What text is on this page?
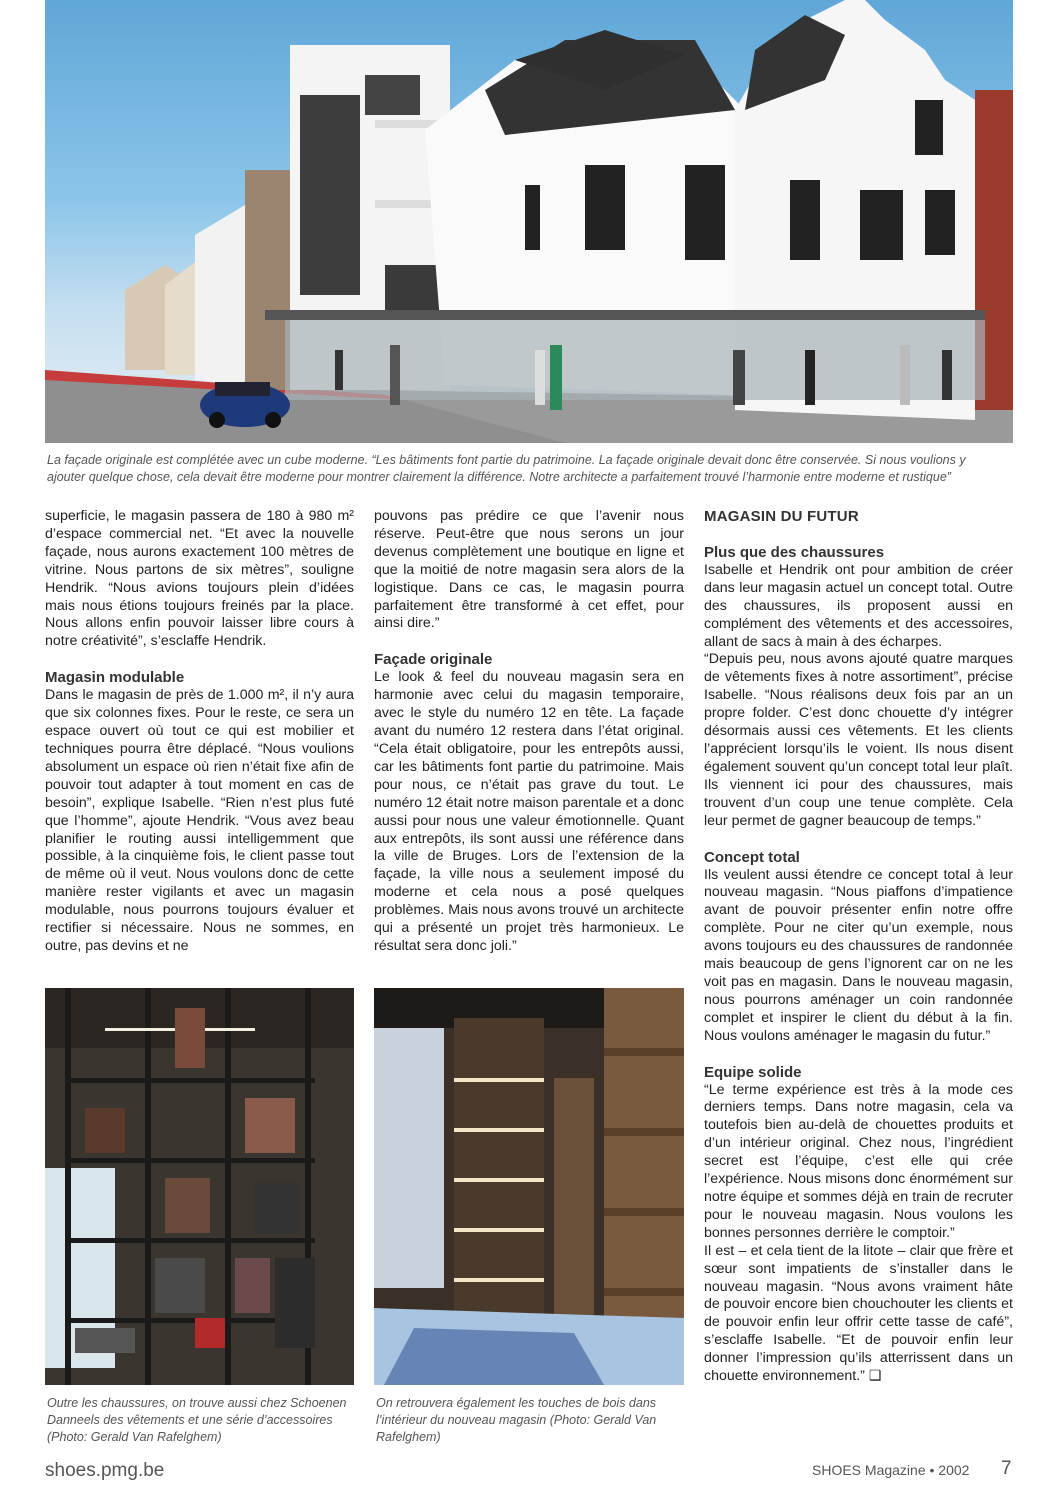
La façade originale est complétée avec un cube moderne. “Les bâtiments font partie du patrimoine. La façade originale devait donc être conservée. Si nous voulions y ajouter quelque chose, cela devait être moderne pour montrer clairement la différence. Notre architecte a parfaitement trouvé l’harmonie entre moderne et rustique”

superficie, le magasin passera de 180 à 980 m² d’espace commercial net. “Et avec la nouvelle façade, nous aurons exactement 100 mètres de vitrine. Nous partons de six mètres”, souligne Hendrik. “Nous avions toujours plein d’idées mais nous étions toujours freinés par la place. Nous allons enfin pouvoir laisser libre cours à notre créativité”, s’esclaffe Hendrik.

Magasin modulable

Dans le magasin de près de 1.000 m², il n’y aura que six colonnes fixes. Pour le reste, ce sera un espace ouvert où tout ce qui est mobilier et techniques pourra être déplacé. “Nous voulions absolument un espace où rien n’était fixe afin de pouvoir tout adapter à tout moment en cas de besoin”, explique Isabelle. “Rien n’est plus futé que l’homme”, ajoute Hendrik. “Vous avez beau planifier le routing aussi intelligemment que possible, à la cinquième fois, le client passe tout de même où il veut. Nous voulons donc de cette manière rester vigilants et avec un magasin modulable, nous pourrons toujours évaluer et rectifier si nécessaire. Nous ne sommes, en outre, pas devins et ne

pouvons pas prédire ce que l’avenir nous réserve. Peut-être que nous serons un jour devenus complètement une boutique en ligne et que la moitié de notre magasin sera alors de la logistique. Dans ce cas, le magasin pourra parfaitement être transformé à cet effet, pour ainsi dire.”

Façade originale

Le look & feel du nouveau magasin sera en harmonie avec celui du magasin temporaire, avec le style du numéro 12 en tête. La façade avant du numéro 12 restera dans l’état original. “Cela était obligatoire, pour les entrepôts aussi, car les bâtiments font partie du patrimoine. Mais pour nous, ce n’était pas grave du tout. Le numéro 12 était notre maison parentale et a donc aussi pour nous une valeur émotionnelle. Quant aux entrepôts, ils sont aussi une référence dans la ville de Bruges. Lors de l’extension de la façade, la ville nous a seulement imposé du moderne et cela nous a posé quelques problèmes. Mais nous avons trouvé un architecte qui a présenté un projet très harmonieux. Le résultat sera donc joli.”

MAGASIN DU FUTUR
Plus que des chaussures

Isabelle et Hendrik ont pour ambition de créer dans leur magasin actuel un concept total. Outre des chaussures, ils proposent aussi en complément des vêtements et des accessoires, allant de sacs à main à des écharpes.

“Depuis peu, nous avons ajouté quatre marques de vêtements fixes à notre assortiment”, précise Isabelle. “Nous réalisons deux fois par an un propre folder. C’est donc chouette d’y intégrer désormais aussi ces vêtements. Et les clients l’apprécient lorsqu’ils le voient. Ils nous disent également souvent qu’un concept total leur plaît. Ils viennent ici pour des chaussures, mais trouvent d’un coup une tenue complète. Cela leur permet de gagner beaucoup de temps.”

Concept total

Ils veulent aussi étendre ce concept total à leur nouveau magasin. “Nous piaffons d’impatience avant de pouvoir présenter enfin notre offre complète. Pour ne citer qu’un exemple, nous avons toujours eu des chaussures de randonnée mais beaucoup de gens l’ignorent car on ne les voit pas en magasin. Dans le nouveau magasin, nous pourrons aménager un coin randonnée complet et inspirer le client du début à la fin. Nous voulons aménager le magasin du futur.”

Equipe solide

“Le terme expérience est très à la mode ces derniers temps. Dans notre magasin, cela va toutefois bien au-delà de chouettes produits et d’un intérieur original. Chez nous, l’ingrédient secret est l’équipe, c’est elle qui crée l’expérience. Nous misons donc énormément sur notre équipe et sommes déjà en train de recruter pour le nouveau magasin. Nous voulons les bonnes personnes derrière le comptoir.”

Il est – et cela tient de la litote – clair que frère et sœur sont impatients de s’installer dans le nouveau magasin. “Nous avons vraiment hâte de pouvoir encore bien chouchouter les clients et de pouvoir enfin leur offrir cette tasse de café”, s’esclaffe Isabelle. “Et de pouvoir enfin leur donner l’impression qu’ils atterrissent dans un chouette environnement.” ❑

Outre les chaussures, on trouve aussi chez Schoenen Danneels des vêtements et une série d’accessoires (Photo: Gerald Van Rafelghem)
On retrouvera également les touches de bois dans l’intérieur du nouveau magasin (Photo: Gerald Van Rafelghem)
shoes.pmg.be	SHOES Magazine • 2002 7
